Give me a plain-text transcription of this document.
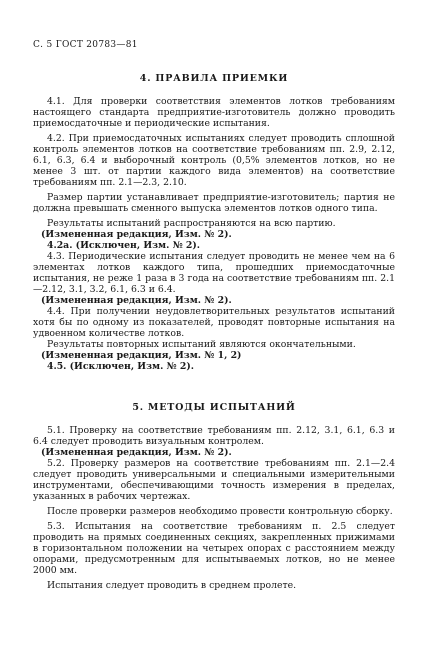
С. 5 ГОСТ 20783—81
4. ПРАВИЛА ПРИЕМКИ

4.1. Для проверки соответствия элементов лотков требованиям настоящего стандарта предприятие-изготовитель должно проводить приемосдаточные и периодические испытания.

4.2. При приемосдаточных испытаниях следует проводить сплошной контроль элементов лотков на соответствие требованиям пп. 2.9, 2.12, 6.1, 6.3, 6.4 и выборочный контроль (0,5% элементов лотков, но не менее 3 шт. от партии каждого вида элементов) на соответствие требованиям пп. 2.1—2.3, 2.10.

Размер партии устанавливает предприятие-изготовитель; партия не должна превышать сменного выпуска элементов лотков одного типа.

Результаты испытаний распространяются на всю партию.

(Измененная редакция, Изм. № 2).

4.2а. (Исключен, Изм. № 2).

4.3. Периодические испытания следует проводить не менее чем на 6 элементах лотков каждого типа, прошедших приемосдаточные испытания, не реже 1 раза в 3 года на соответствие требованиям пп. 2.1—2.12, 3.1, 3.2, 6.1, 6.3 и 6.4.

(Измененная редакция, Изм. № 2).

4.4. При получении неудовлетворительных результатов испытаний хотя бы по одному из показателей, проводят повторные испытания на удвоенном количестве лотков.

Результаты повторных испытаний являются окончательными.

(Измененная редакция, Изм. № 1, 2)

4.5. (Исключен, Изм. № 2).

5. МЕТОДЫ ИСПЫТАНИЙ

5.1. Проверку на соответствие требованиям пп. 2.12, 3.1, 6.1, 6.3 и 6.4 следует проводить визуальным контролем.

(Измененная редакция, Изм. № 2).

5.2. Проверку размеров на соответствие требованиям пп. 2.1—2.4 следует проводить универсальными и специальными измерительными инструментами, обеспечивающими точность измерения в пределах, указанных в рабочих чертежах.

После проверки размеров необходимо провести контрольную сборку.

5.3. Испытания на соответствие требованиям п. 2.5 следует проводить на прямых соединенных секциях, закрепленных прижимами в горизонтальном положении на четырех опорах с расстоянием между опорами, предусмотренным для испытываемых лотков, но не менее 2000 мм.

Испытания следует проводить в среднем пролете.
